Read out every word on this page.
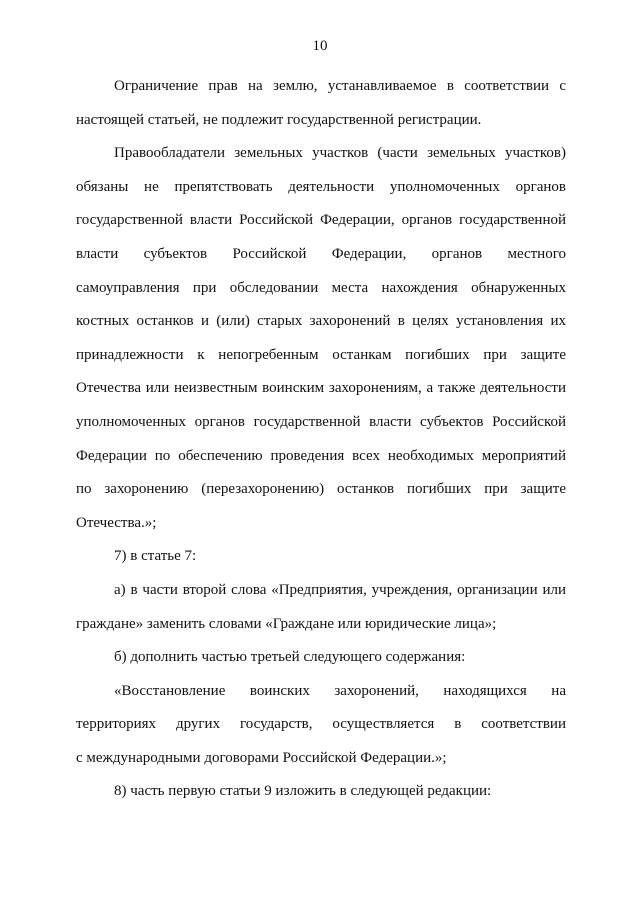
10
Ограничение прав на землю, устанавливаемое в соответствии с
настоящей статьей, не подлежит государственной регистрации.
Правообладатели земельных участков (части земельных участков)
обязаны не препятствовать деятельности уполномоченных органов
государственной власти Российской Федерации, органов государственной
власти субъектов Российской Федерации, органов местного
самоуправления при обследовании места нахождения обнаруженных
костных останков и (или) старых захоронений в целях установления их
принадлежности к непогребенным останкам погибших при защите
Отечества или неизвестным воинским захоронениям, а также деятельности
уполномоченных органов государственной власти субъектов Российской
Федерации по обеспечению проведения всех необходимых мероприятий
по захоронению (перезахоронению) останков погибших при защите
Отечества.»;
7) в статье 7:
а) в части второй слова «Предприятия, учреждения, организации или
граждане» заменить словами «Граждане или юридические лица»;
б) дополнить частью третьей следующего содержания:
«Восстановление воинских захоронений, находящихся на
территориях других государств, осуществляется в соответствии
с международными договорами Российской Федерации.»;
8) часть первую статьи 9 изложить в следующей редакции:
